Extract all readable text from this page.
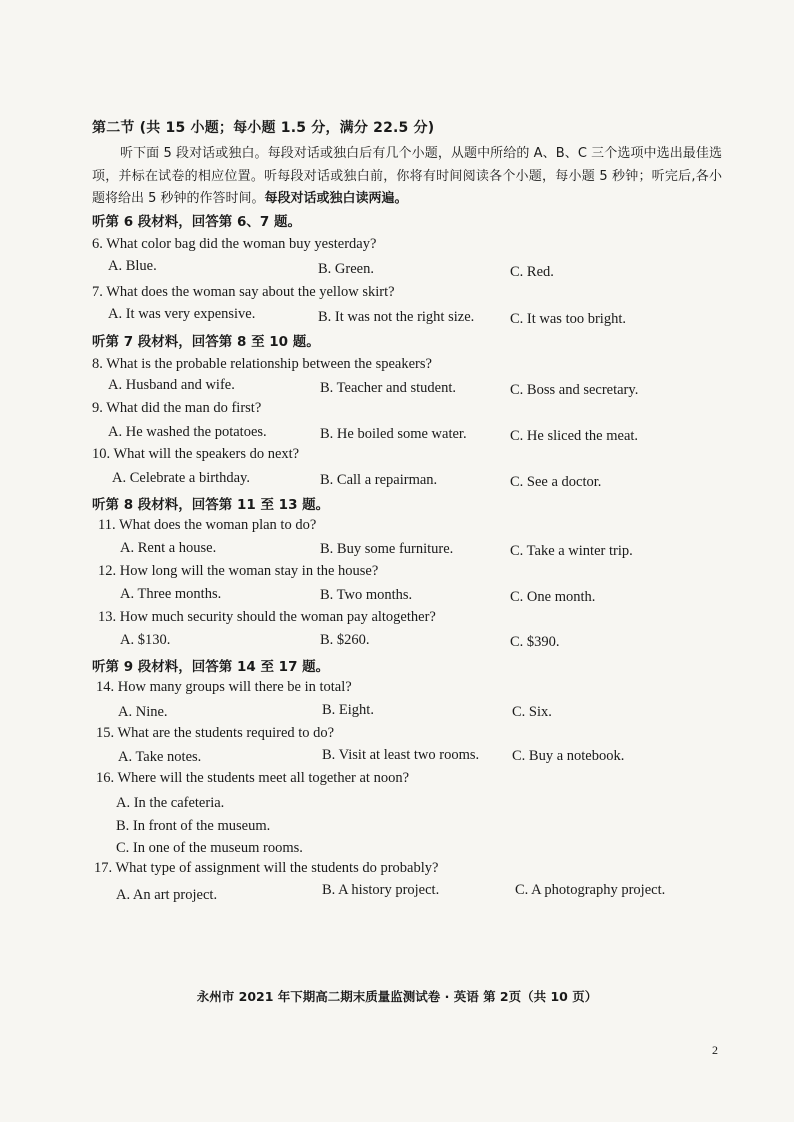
第二节 (共 15 小题；每小题 1.5 分，满分 22.5 分)
听下面 5 段对话或独白。每段对话或独白后有几个小题，从题中所给的 A、B、C 三个选项中选出最佳选项，并标在试卷的相应位置。听每段对话或独白前，你将有时间阅读各个小题，每小题 5 秒钟；听完后,各小题将给出 5 秒钟的作答时间。每段对话或独白读两遍。
听第 6 段材料，回答第 6、7 题。
6. What color bag did the woman buy yesterday?
A. Blue.	B. Green.	C. Red.
7. What does the woman say about the yellow skirt?
A. It was very expensive.	B. It was not the right size. C. It was too bright.
听第 7 段材料，回答第 8 至 10 题。
8. What is the probable relationship between the speakers?
A. Husband and wife.	B. Teacher and student.	C. Boss and secretary.
9. What did the man do first?
A. He washed the potatoes.	B. He boiled some water.	C. He sliced the meat.
10. What will the speakers do next?
A. Celebrate a birthday.	B. Call a repairman.	C. See a doctor.
听第 8 段材料，回答第 11 至 13 题。
11. What does the woman plan to do?
A. Rent a house.	B. Buy some furniture.	C. Take a winter trip.
12. How long will the woman stay in the house?
A. Three months.	B. Two months.	C. One month.
13. How much security should the woman pay altogether?
A. $130.	B. $260.	C. $390.
听第 9 段材料，回答第 14 至 17 题。
14. How many groups will there be in total?
A. Nine.	B. Eight.	C. Six.
15. What are the students required to do?
A. Take notes.	B. Visit at least two rooms. C. Buy a notebook.
16. Where will the students meet all together at noon?
A. In the cafeteria.
B. In front of the museum.
C. In one of the museum rooms.
17. What type of assignment will the students do probably?
A. An art project.	B. A history project.	C. A photography project.
永州市 2021 年下期高二期末质量监测试卷 · 英语 第 2页（共 10 页）
2
